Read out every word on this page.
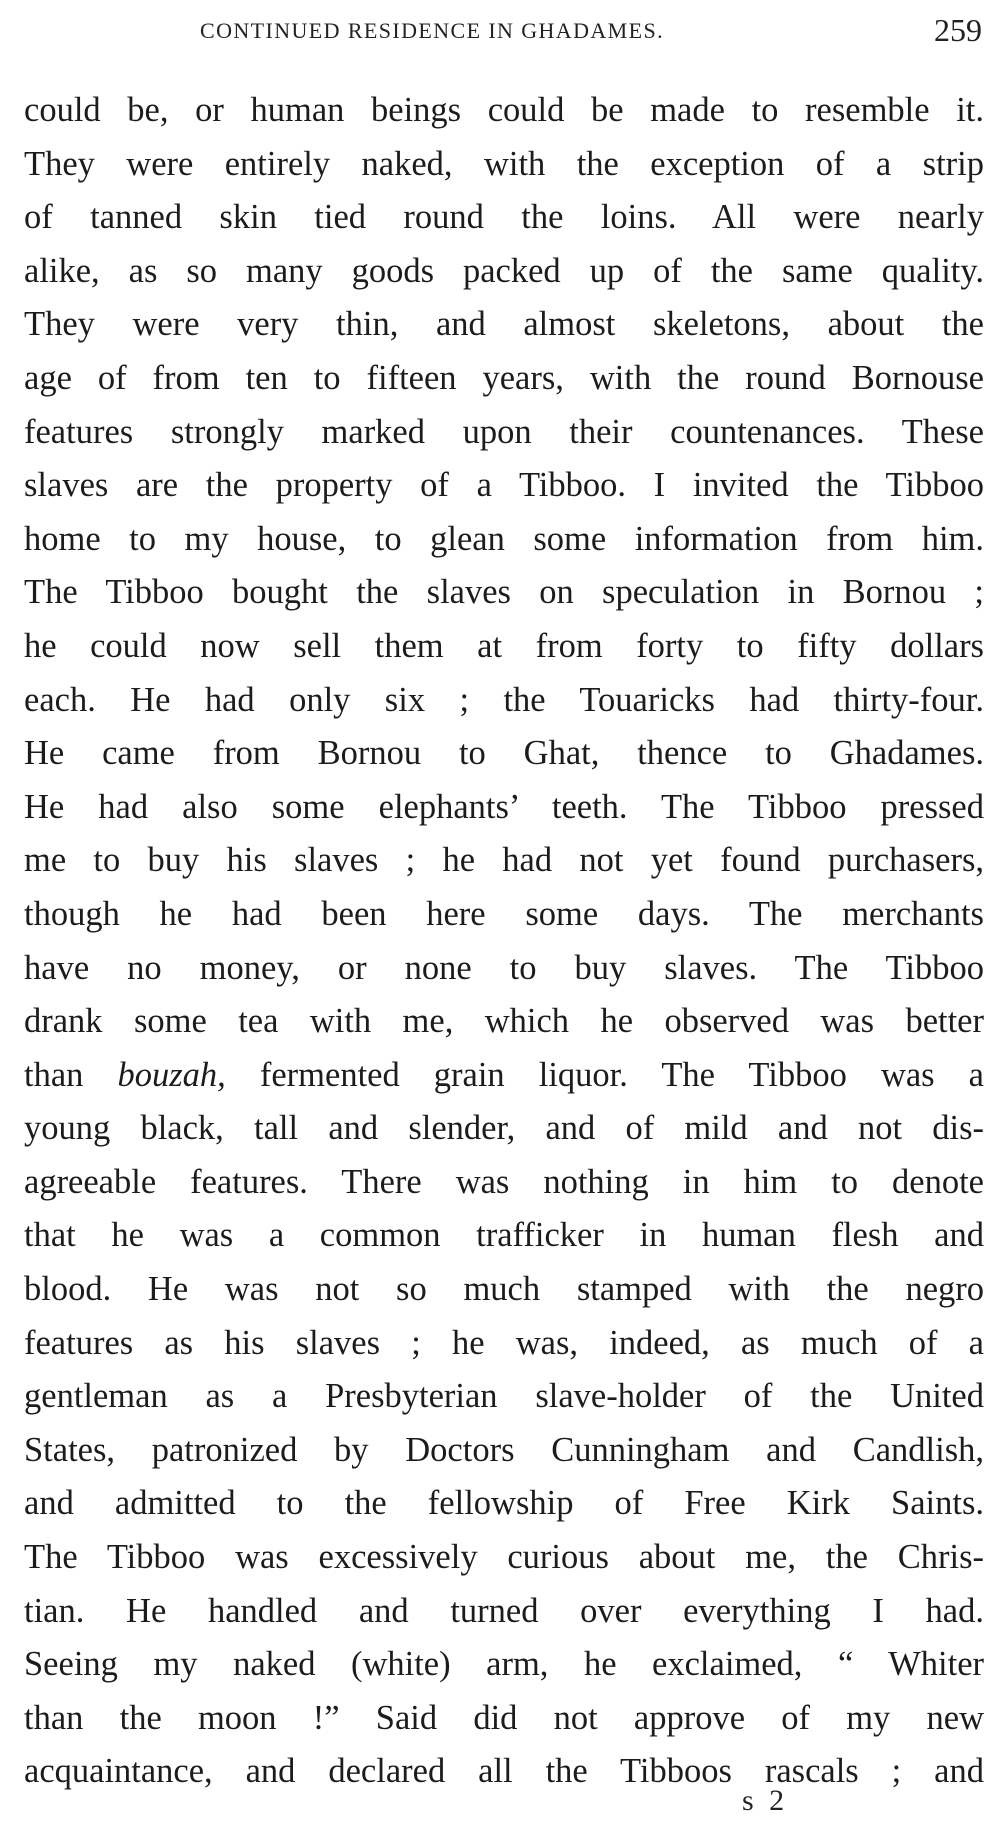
CONTINUED RESIDENCE IN GHADAMES.	259
could be, or human beings could be made to resemble it.
They were entirely naked, with the exception of a strip
of tanned skin tied round the loins. All were nearly
alike, as so many goods packed up of the same quality.
They were very thin, and almost skeletons, about the
age of from ten to fifteen years, with the round Bornouse
features strongly marked upon their countenances. These
slaves are the property of a Tibboo. I invited the Tibboo
home to my house, to glean some information from him.
The Tibboo bought the slaves on speculation in Bornou ;
he could now sell them at from forty to fifty dollars
each. He had only six ; the Touaricks had thirty-four.
He came from Bornou to Ghat, thence to Ghadames.
He had also some elephants’ teeth. The Tibboo pressed
me to buy his slaves ; he had not yet found purchasers,
though he had been here some days. The merchants
have no money, or none to buy slaves. The Tibboo
drank some tea with me, which he observed was better
than bouzah, fermented grain liquor. The Tibboo was a
young black, tall and slender, and of mild and not dis-
agreeable features. There was nothing in him to denote
that he was a common trafficker in human flesh and
blood. He was not so much stamped with the negro
features as his slaves ; he was, indeed, as much of a
gentleman as a Presbyterian slave-holder of the United
States, patronized by Doctors Cunningham and Candlish,
and admitted to the fellowship of Free Kirk Saints.
The Tibboo was excessively curious about me, the Chris-
tian. He handled and turned over everything I had.
Seeing my naked (white) arm, he exclaimed, “ Whiter
than the moon !” Said did not approve of my new
acquaintance, and declared all the Tibboos rascals ; and
s 2
